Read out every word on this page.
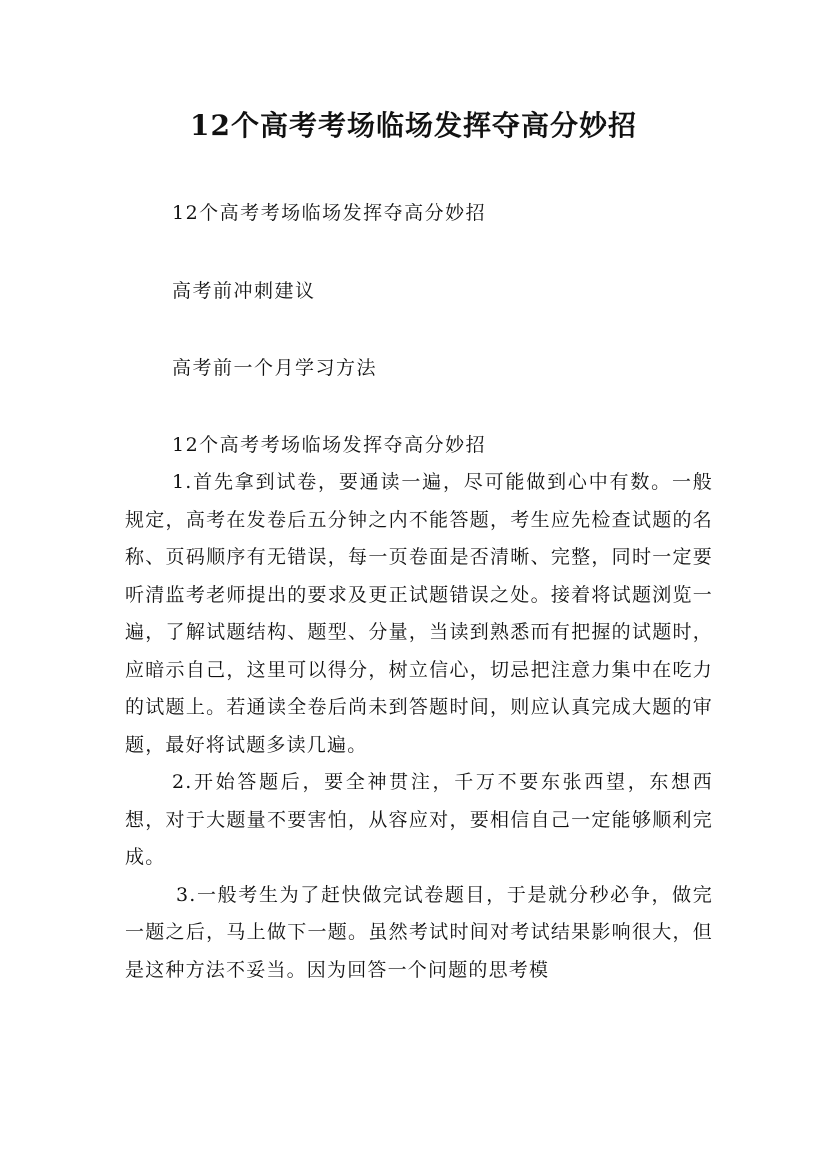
12个高考考场临场发挥夺高分妙招
12个高考考场临场发挥夺高分妙招
高考前冲刺建议
高考前一个月学习方法
12个高考考场临场发挥夺高分妙招

1.首先拿到试卷，要通读一遍，尽可能做到心中有数。一般规定，高考在发卷后五分钟之内不能答题，考生应先检查试题的名称、页码顺序有无错误，每一页卷面是否清晰、完整，同时一定要听清监考老师提出的要求及更正试题错误之处。接着将试题浏览一遍，了解试题结构、题型、分量，当读到熟悉而有把握的试题时，应暗示自己，这里可以得分，树立信心，切忌把注意力集中在吃力的试题上。若通读全卷后尚未到答题时间，则应认真完成大题的审题，最好将试题多读几遍。

2.开始答题后，要全神贯注，千万不要东张西望，东想西想，对于大题量不要害怕，从容应对，要相信自己一定能够顺利完成。

3.一般考生为了赶快做完试卷题目，于是就分秒必争，做完一题之后，马上做下一题。虽然考试时间对考试结果影响很大，但是这种方法不妥当。因为回答一个问题的思考模
